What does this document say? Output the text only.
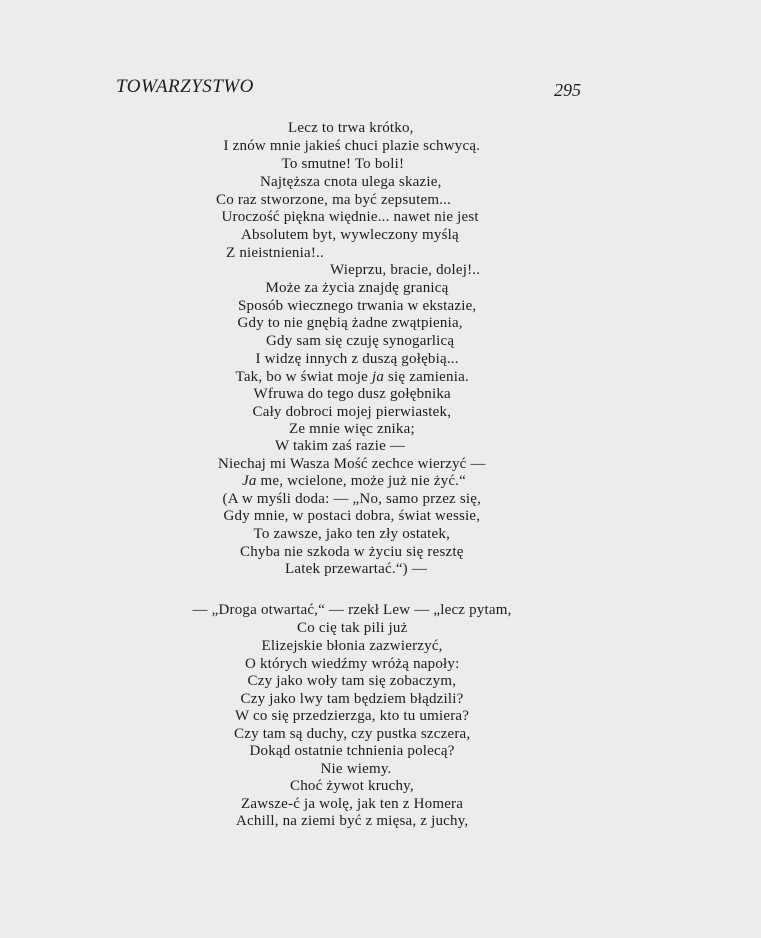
TOWARZYSTWO	295
Lecz to trwa krótko,
I znów mnie jakieś chuci plazie schwycą.
To smutne! To boli!
Najtęższa cnota ulega skazie,
Co raz stworzone, ma być zepsutem...
Uroczość piękna więdnie... nawet nie jest
Absolutem byt, wywleczony myślą
Z nieistnienia!..
Wieprzu, bracie, dolej!..
Może za życia znajdę granicą
Sposób wiecznego trwania w ekstazie,
Gdy to nie gnębią żadne zwątpienia,
Gdy sam się czuję synogarlicą
I widzę innych z duszą gołębią...
Tak, bo w świat moje ja się zamienia.
Wfruwa do tego dusz gołębnika
Cały dobroci mojej pierwiastek,
Ze mnie więc znika;
W takim zaś razie —
Niechaj mi Wasza Mość zechce wierzyć —
Ja me, wcielone, może już nie żyć.“
(A w myśli doda: — „No, samo przez się,
Gdy mnie, w postaci dobra, świat wessie,
To zawsze, jako ten zły ostatek,
Chyba nie szkoda w życiu się resztę
Latek przewartać.“) —
— „Droga otwartać,“ — rzekł Lew — „lecz pytam,
Co cię tak pili już
Elizejskie błonia zazwierzyć,
O których wiedźmy wróżą napoły:
Czy jako woły tam się zobaczym,
Czy jako lwy tam będziem błądzili?
W co się przedzierzga, kto tu umiera?
Czy tam są duchy, czy pustka szczera,
Dokąd ostatnie tchnienia polecą?
Nie wiemy.
Choć żywot kruchy,
Zawsze-ć ja wolę, jak ten z Homera
Achill, na ziemi być z mięsa, z juchy,
